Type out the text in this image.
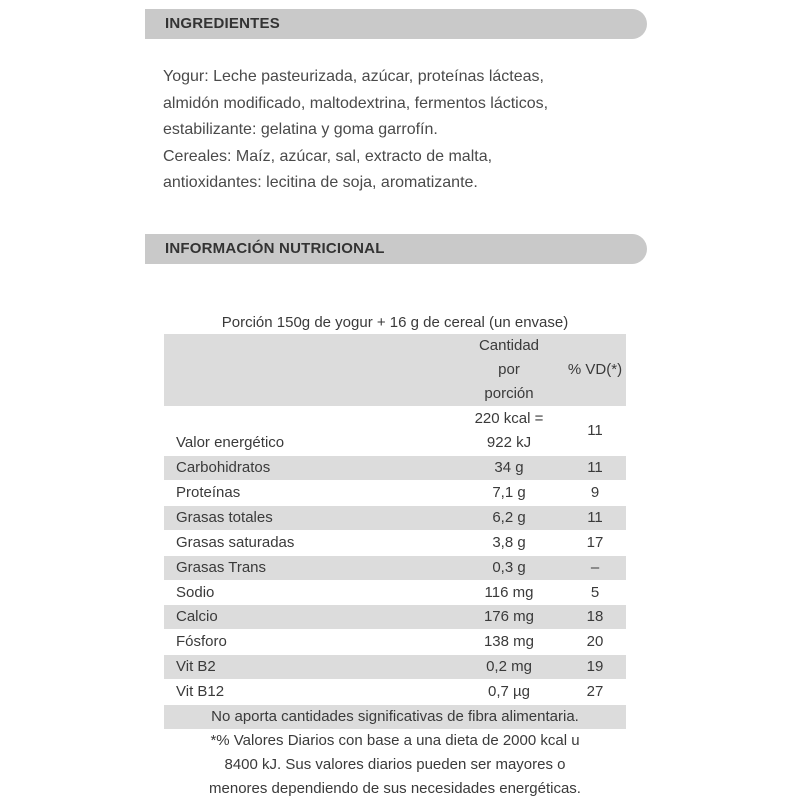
INGREDIENTES
Yogur: Leche pasteurizada, azúcar, proteínas lácteas,
almidón modificado, maltodextrina, fermentos lácticos,
estabilizante: gelatina y goma garrofín.
Cereales: Maíz, azúcar, sal, extracto de malta,
antioxidantes: lecitina de soja, aromatizante.
INFORMACIÓN NUTRICIONAL
Porción 150g de yogur + 16 g de cereal (un envase)

	Cantidad
por
porción	% VD(*)
Valor energético	220 kcal =
922 kJ	11
Carbohidratos	34 g	11
Proteínas	7,1 g	9
Grasas totales	6,2 g	11
Grasas saturadas	3,8 g	17
Grasas Trans	0,3 g	–
Sodio	116 mg	5
Calcio	176 mg	18
Fósforo	138 mg	20
Vit B2	0,2 mg	19
Vit B12	0,7 µg	27
No aporta cantidades significativas de fibra alimentaria.
*% Valores Diarios con base a una dieta de 2000 kcal u
8400 kJ. Sus valores diarios pueden ser mayores o
menores dependiendo de sus necesidades energéticas.
